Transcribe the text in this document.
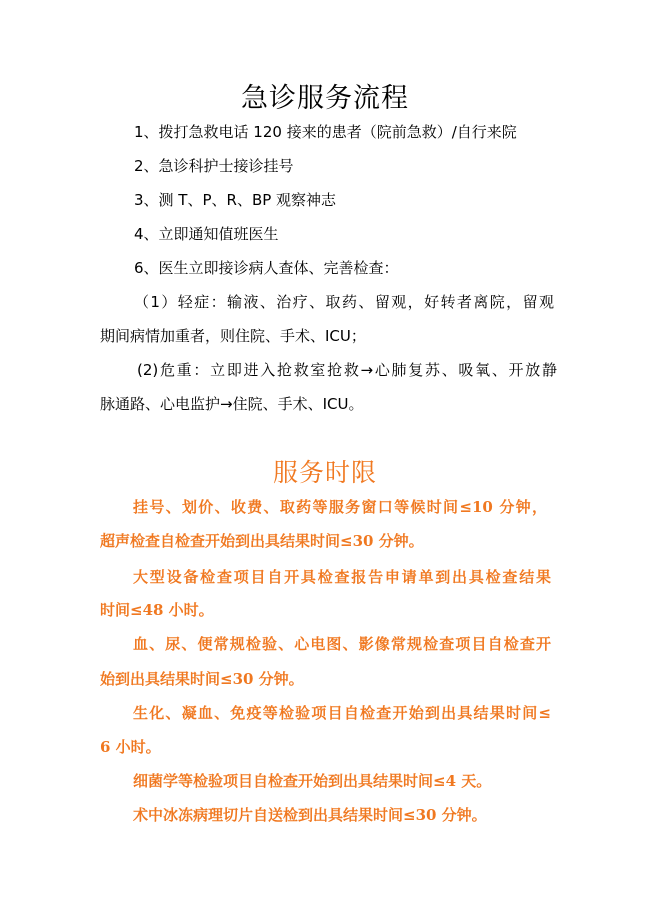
急诊服务流程
1、拨打急救电话 120 接来的患者（院前急救）/自行来院
2、急诊科护士接诊挂号
3、测 T、P、R、BP 观察神志
4、立即通知值班医生
6、医生立即接诊病人查体、完善检查：
（1）轻症：输液、治疗、取药、留观，好转者离院，留观
期间病情加重者，则住院、手术、ICU；
(2)危重：立即进入抢救室抢救→心肺复苏、吸氧、开放静
脉通路、心电监护→住院、手术、ICU。
服务时限
挂号、划价、收费、取药等服务窗口等候时间≤10 分钟，
超声检查自检查开始到出具结果时间≤30 分钟。
大型设备检查项目自开具检查报告申请单到出具检查结果
时间≤48 小时。
血、尿、便常规检验、心电图、影像常规检查项目自检查开
始到出具结果时间≤30 分钟。
生化、凝血、免疫等检验项目自检查开始到出具结果时间≤
6 小时。
细菌学等检验项目自检查开始到出具结果时间≤4 天。
术中冰冻病理切片自送检到出具结果时间≤30 分钟。
